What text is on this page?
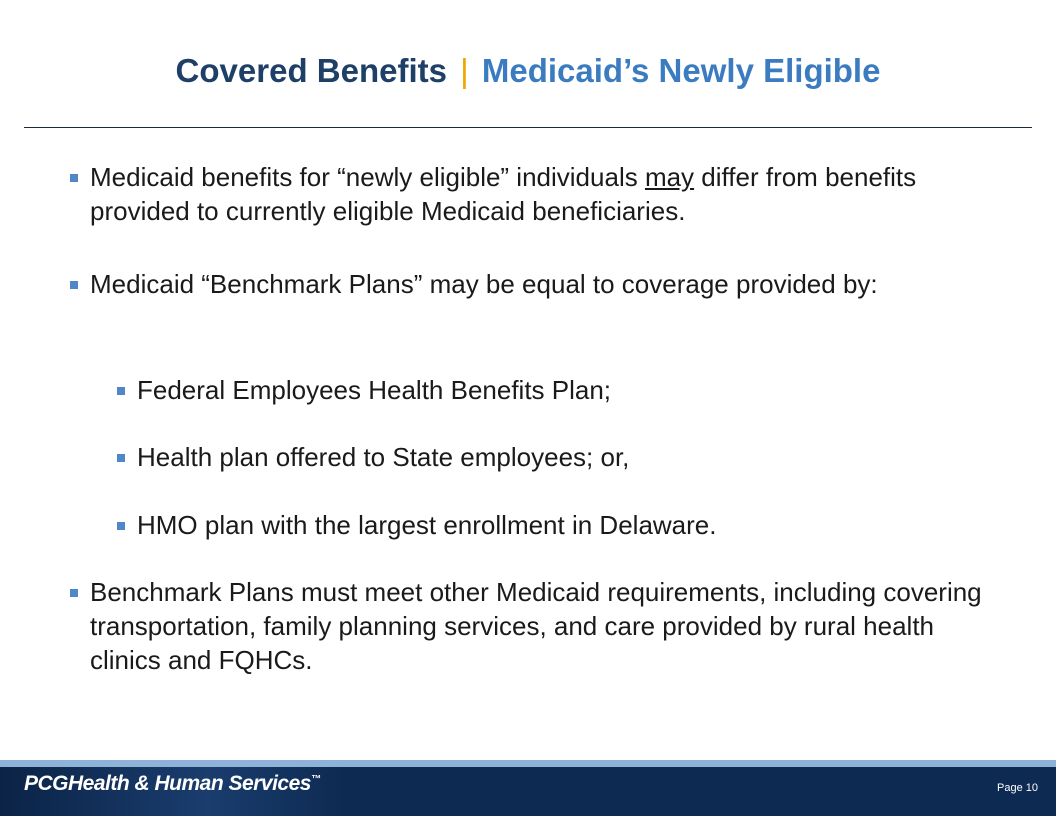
Covered Benefits | Medicaid’s Newly Eligible
Medicaid benefits for “newly eligible” individuals may differ from benefits provided to currently eligible Medicaid beneficiaries.
Medicaid “Benchmark Plans” may be equal to coverage provided by:
Federal Employees Health Benefits Plan;
Health plan offered to State employees; or,
HMO plan with the largest enrollment in Delaware.
Benchmark Plans must meet other Medicaid requirements, including covering transportation, family planning services, and care provided by rural health clinics and FQHCs.
PCGHealth & Human Services™
Page 10
